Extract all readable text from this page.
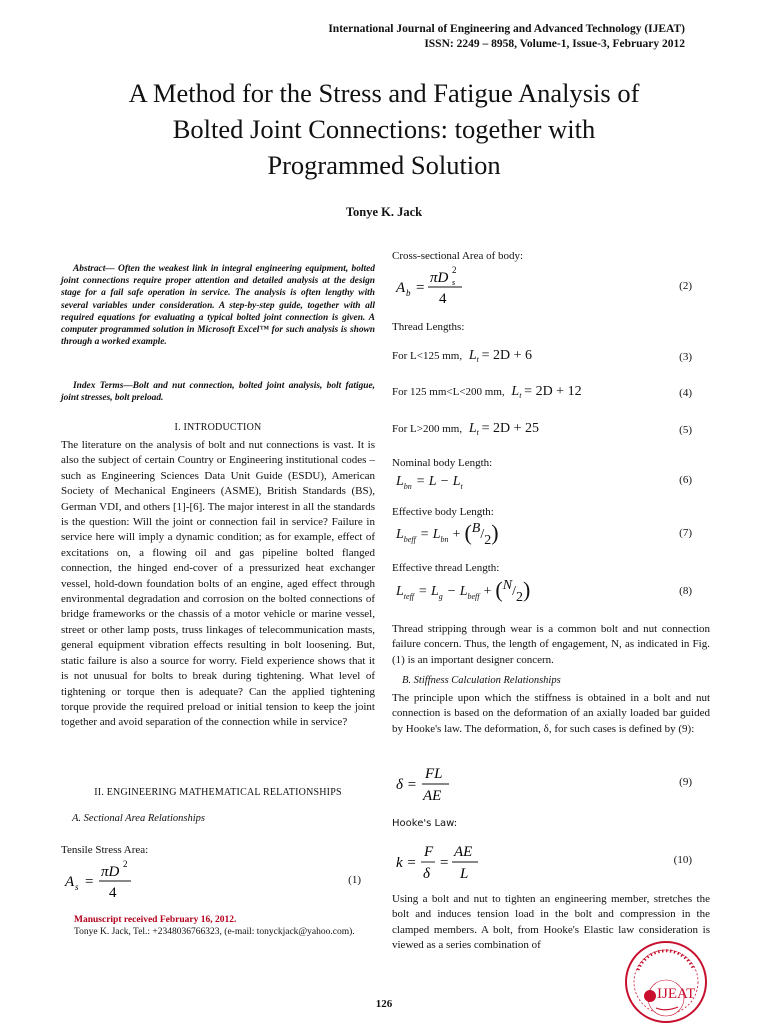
International Journal of Engineering and Advanced Technology (IJEAT)
ISSN: 2249 – 8958, Volume-1, Issue-3, February 2012
A Method for the Stress and Fatigue Analysis of
Bolted Joint Connections: together with
Programmed Solution
Tonye K. Jack
Abstract— Often the weakest link in integral engineering equipment, bolted joint connections require proper attention and detailed analysis at the design stage for a fail safe operation in service. The analysis is often lengthy with several variables under consideration. A step-by-step guide, together with all required equations for evaluating a typical bolted joint connection is given. A computer programmed solution in Microsoft Excel™ for such analysis is shown through a worked example.
Index Terms—Bolt and nut connection, bolted joint analysis, bolt fatigue, joint stresses, bolt preload.
I. INTRODUCTION

The literature on the analysis of bolt and nut connections is vast. It is also the subject of certain Country or Engineering institutional codes – such as Engineering Sciences Data Unit Guide (ESDU), American Society of Mechanical Engineers (ASME), British Standards (BS), German VDI, and others [1]-[6]. The major interest in all the standards is the question: Will the joint or connection fail in service? Failure in service here will imply a dynamic condition; as for example, effect of excitations on, a flowing oil and gas pipeline bolted flanged connection, the hinged end-cover of a pressurized heat exchanger vessel, hold-down foundation bolts of an engine, aged effect through environmental degradation and corrosion on the bolted connections of bridge frameworks or the chassis of a motor vehicle or marine vessel, street or other lamp posts, truss linkages of telecommunication masts, general equipment vibration effects resulting in bolt loosening. But, static failure is also a source for worry. Field experience shows that it is not unusual for bolts to break during tightening. What level of tightening or torque then is adequate? Can the applied tightening torque provide the required preload or initial tension to keep the joint together and avoid separation of the connection while in service?

II. ENGINEERING MATHEMATICAL RELATIONSHIPS
A. Sectional Area Relationships
Tensile Stress Area:
A s =
πD 2
4
(1)
Manuscript received February 16, 2012.
Tonye K. Jack, Tel.: +2348036766323, (e-mail: tonyckjack@yahoo.com).
Cross-sectional Area of body:
A b =
πD 2
s
4
(2)
Thread Lengths:
For L<125 mm, $L_t = 2D + 6$	(3)
For 125 mm<L<200 mm, $L_t = 2D + 12$	(4)
For L>200 mm, $L_t = 2D + 25$	(5)
Nominal body Length:
$L_{bn} = L - L_t$
(6)
Effective body Length:
$L_{beff} = L_{bn} + (B/2)$	(7)
Effective thread Length:
$L_{teff} = L_g - L_{beff} + (N/2)$	(8)

Thread stripping through wear is a common bolt and nut connection failure concern. Thus, the length of engagement, N, as indicated in Fig. (1) is an important designer concern.

B. Stiffness Calculation Relationships

The principle upon which the stiffness is obtained in a bolt and nut connection is based on the deformation of an axially loaded bar guided by Hooke's law. The deformation, δ, for such cases is defined by (9):

δ =
FL
AE
(9)
Hooke's Law:
k =
F
δ
=
AE
L
(10)

Using a bolt and nut to tighten an engineering member, stretches the bolt and induces tension load in the bolt and compression in the clamped members. A bolt, from Hooke's Elastic law consideration is viewed as a series combination of

126
IJEAT
